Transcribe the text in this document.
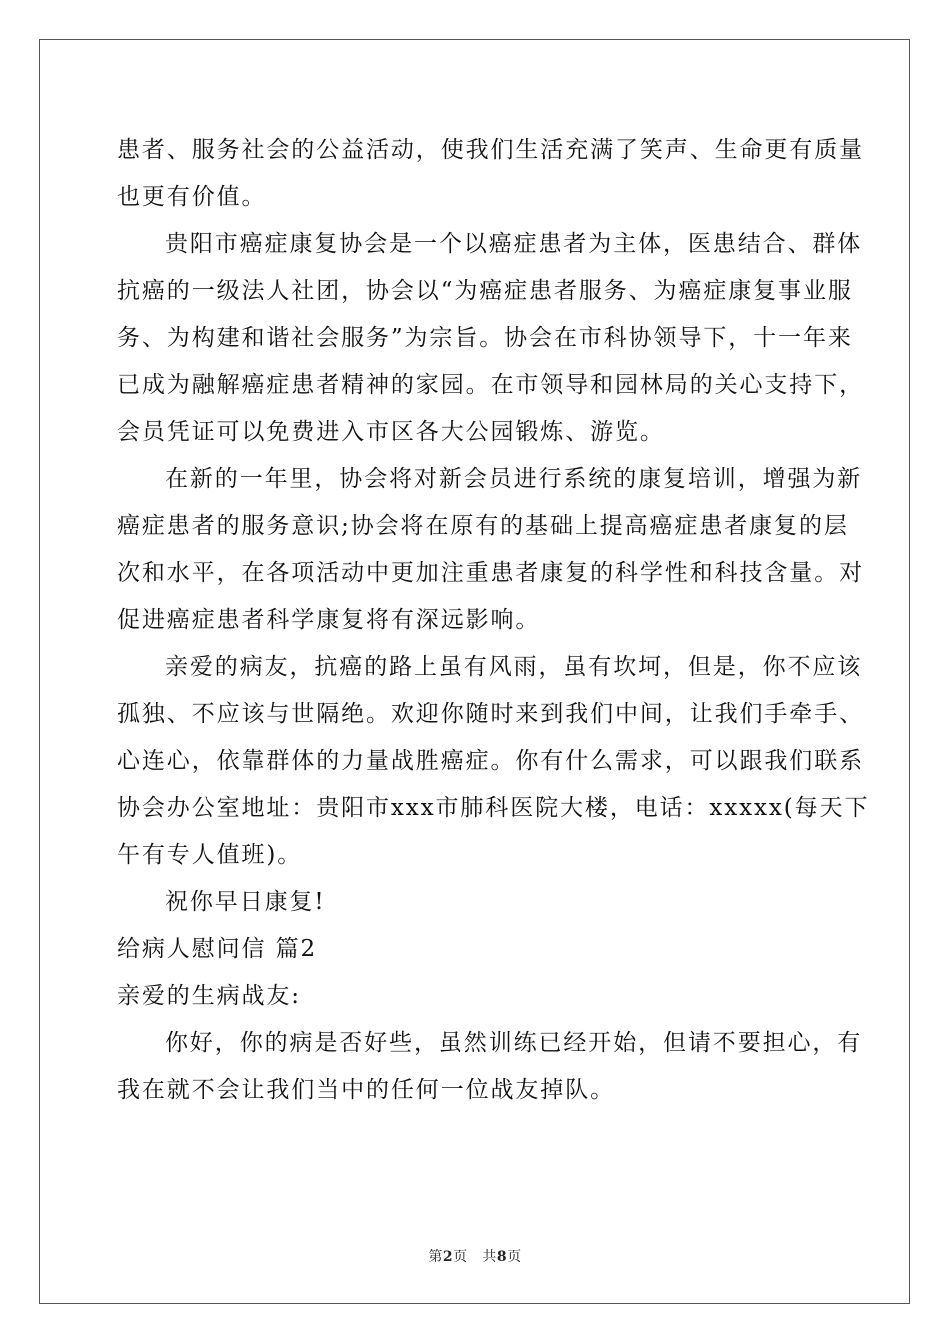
患者、服务社会的公益活动，使我们生活充满了笑声、生命更有质量
也更有价值。
贵阳市癌症康复协会是一个以癌症患者为主体，医患结合、群体
抗癌的一级法人社团，协会以“为癌症患者服务、为癌症康复事业服
务、为构建和谐社会服务”为宗旨。协会在市科协领导下，十一年来
已成为融解癌症患者精神的家园。在市领导和园林局的关心支持下，
会员凭证可以免费进入市区各大公园锻炼、游览。
在新的一年里，协会将对新会员进行系统的康复培训，增强为新
癌症患者的服务意识;协会将在原有的基础上提高癌症患者康复的层
次和水平，在各项活动中更加注重患者康复的科学性和科技含量。对
促进癌症患者科学康复将有深远影响。
亲爱的病友，抗癌的路上虽有风雨，虽有坎坷，但是，你不应该
孤独、不应该与世隔绝。欢迎你随时来到我们中间，让我们手牵手、
心连心，依靠群体的力量战胜癌症。你有什么需求，可以跟我们联系
协会办公室地址：贵阳市xxx市肺科医院大楼，电话：xxxxx(每天下
午有专人值班)。
祝你早日康复!
给病人慰问信 篇2
亲爱的生病战友:
你好，你的病是否好些，虽然训练已经开始，但请不要担心，有
我在就不会让我们当中的任何一位战友掉队。
第2页 共8页
